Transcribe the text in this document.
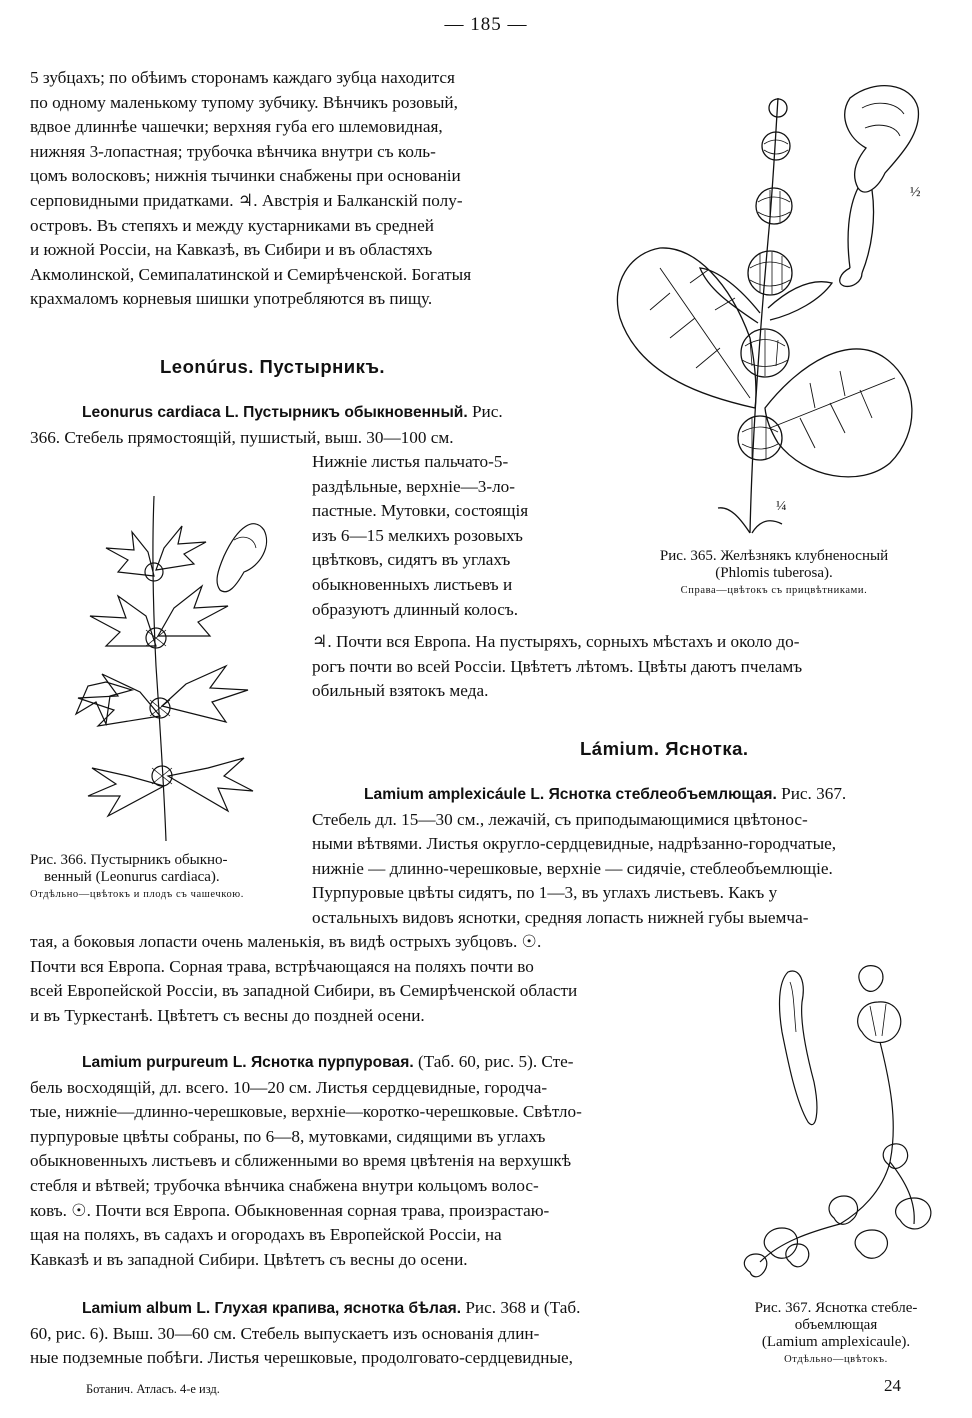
— 185 —

5 зубцахъ; по обѣимъ сторонамъ каждаго зубца находится

по одному маленькому тупому зубчику. Вѣнчикъ розовый,

вдвое длиннѣе чашечки; верхняя губа его шлемовидная,

нижняя 3-лопастная; трубочка вѣнчика внутри съ коль-

цомъ волосковъ; нижнія тычинки снабжены при основаніи

серповидными придатками. ♃. Австрія и Балканскій полу-

островъ. Въ степяхъ и между кустарниками въ средней

и южной Россіи, на Кавказѣ, въ Сибири и въ областяхъ

Акмолинской, Семипалатинской и Семирѣченской. Богатыя

крахмаломъ корневыя шишки употребляются въ пищу.

Leonúrus. Пустырникъ.

Leonurus cardiaca L. Пустырникъ обыкновенный. Рис.

366. Стебель прямостоящій, пушистый, выш. 30—100 см.

Нижніе листья пальчато-5-

раздѣльные, верхніе—3-ло-

пастные. Мутовки, состоящія

изъ 6—15 мелкихъ розовыхъ

цвѣтковъ, сидятъ въ углахъ

обыкновенныхъ листьевъ и

образуютъ длинный колосъ.

♃. Почти вся Европа. На пустыряхъ, сорныхъ мѣстахъ и около до-

рогъ почти во всей Россіи. Цвѣтетъ лѣтомъ. Цвѣты даютъ пчеламъ

обильный взятокъ меда.

Lámium. Яснотка.

Lamium amplexicáule L. Яснотка стеблеобъемлющая. Рис. 367.

Стебель дл. 15—30 см., лежачій, съ приподымающимися цвѣтонос-

ными вѣтвями. Листья округло-сердцевидные, надрѣзанно-городчатые,

нижніе — длинно-черешковые, верхніе — сидячіе, стеблеобъемлющіе.

Пурпуровые цвѣты сидятъ, по 1—3, въ углахъ листьевъ. Какъ у

остальныхъ видовъ яснотки, средняя лопасть нижней губы выемча-

тая, а боковыя лопасти очень маленькія, въ видѣ острыхъ зубцовъ. ☉.

Почти вся Европа. Сорная трава, встрѣчающаяся на поляхъ почти во

всей Европейской Россіи, въ западной Сибири, въ Семирѣченской области

и въ Туркестанѣ. Цвѣтетъ съ весны до поздней осени.

Lamium purpureum L. Яснотка пурпуровая. (Таб. 60, рис. 5). Сте-

бель восходящій, дл. всего. 10—20 см. Листья сердцевидные, городча-

тые, нижніе—длинно-черешковые, верхніе—коротко-черешковые. Свѣтло-

пурпуровые цвѣты собраны, по 6—8, мутовками, сидящими въ углахъ

обыкновенныхъ листьевъ и сближенными во время цвѣтенія на верхушкѣ

стебля и вѣтвей; трубочка вѣнчика снабжена внутри кольцомъ волос-

ковъ. ☉. Почти вся Европа. Обыкновенная сорная трава, произрастаю-

щая на поляхъ, въ садахъ и огородахъ въ Европейской Россіи, на

Кавказѣ и въ западной Сибири. Цвѣтетъ съ весны до осени.

Lamium album L. Глухая крапива, яснотка бѣлая. Рис. 368 и (Таб.

60, рис. 6). Выш. 30—60 см. Стебель выпускаетъ изъ основанія длин-

ные подземные побѣги. Листья черешковые, продолговато-сердцевидные,

½
¼
Рис. 365. Желѣзнякъ клубненосный
(Phlomis tuberosa).
Справа—цвѣтокъ съ прицвѣтниками.
Рис. 366. Пустырникъ обыкно-
венный (Leonurus cardiaca).
Отдѣльно—цвѣтокъ и плодъ съ чашечкою.
Рис. 367. Яснотка стебле-
объемлющая
(Lamium amplexicaule).
Отдѣльно—цвѣтокъ.
Ботанич. Атласъ. 4-е изд.	24
